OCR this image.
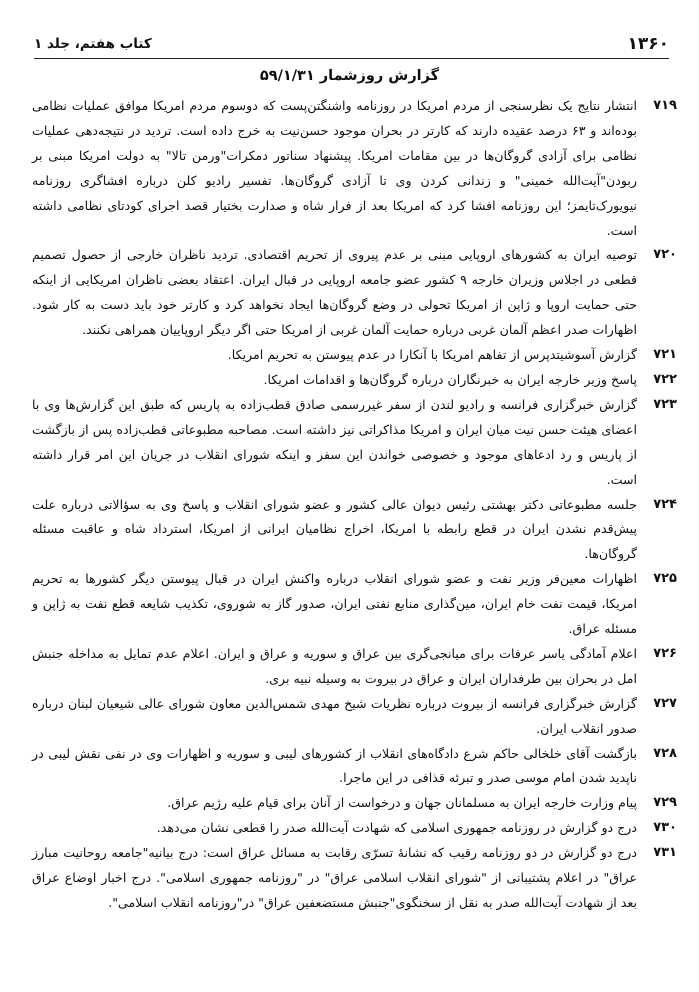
۱۳۶۰
کتاب هفتم، جلد ۱
گزارش روزشمار ۵۹/۱/۳۱
۷۱۹
انتشار نتایج یک نظرسنجی از مردم امریکا در روزنامه واشنگتن‌پست که دوسوم مردم امریکا موافق عملیات نظامی بوده‌اند و ۶۳ درصد عقیده دارند که کارتر در بحران موجود حسن‌نیت به خرج داده است. تردید در نتیجه‌دهی عملیات نظامی برای آزادی گروگان‌ها در بین مقامات امریکا. پیشنهاد سناتور دمکرات"ورمن تالا" به دولت امریکا مبنی بر ربودن"آیت‌الله خمینی" و زندانی کردن وی تا آزادی گروگان‌ها. تفسیر رادیو کلن درباره افشاگری روزنامه نیویورک‌تایمز؛ این روزنامه افشا کرد که امریکا بعد از فرار شاه و صدارت بختیار قصد اجرای کودتای نظامی داشته است.
۷۲۰
توصیه ایران به کشورهای اروپایی مبنی بر عدم پیروی از تحریم اقتصادی. تردید ناظران خارجی از حصول تصمیم قطعی در اجلاس وزیران خارجه ۹ کشور عضو جامعه اروپایی در قبال ایران. اعتقاد بعضی ناظران امریکایی از اینکه حتی حمایت اروپا و ژاپن از امریکا تحولی در وضع گروگان‌ها ایجاد نخواهد کرد و کارتر خود باید دست به کار شود. اظهارات صدر اعظم آلمان غربی درباره حمایت آلمان غربی از امریکا حتی اگر دیگر اروپاییان همراهی نکنند.
۷۲۱
گزارش آسوشیتدپرس از تفاهم امریکا با آنکارا در عدم پیوستن به تحریم امریکا.
۷۲۲
پاسخ وزیر خارجه ایران به خبرنگاران درباره گروگان‌ها و اقدامات امریکا.
۷۲۳
گزارش خبرگزاری فرانسه و رادیو لندن از سفر غیررسمی صادق قطب‌زاده به پاریس که طبق این گزارش‌ها وی با اعضای هیئت حسن نیت میان ایران و امریکا مذاکراتی نیز داشته است. مصاحبه مطبوعاتی قطب‌زاده پس از بازگشت از پاریس و رد ادعاهای موجود و خصوصی خواندن این سفر و اینکه شورای انقلاب در جریان این امر قرار داشته است.
۷۲۴
جلسه مطبوعاتی دکتر بهشتی رئیس دیوان عالی کشور و عضو شورای انقلاب و پاسخ وی به سؤالاتی درباره علت پیش‌قدم نشدن ایران در قطع رابطه با امریکا، اخراج نظامیان ایرانی از امریکا، استرداد شاه و عاقبت مسئله گروگان‌ها.
۷۲۵
اظهارات معین‌فر وزیر نفت و عضو شورای انقلاب درباره واکنش ایران در قبال پیوستن دیگر کشورها به تحریم امریکا، قیمت نفت خام ایران، مین‌گذاری منابع نفتی ایران، صدور گاز به شوروی، تکذیب شایعه قطع نفت به ژاپن و مسئله عراق.
۷۲۶
اعلام آمادگی یاسر عرفات برای میانجی‌گری بین عراق و سوریه و عراق و ایران. اعلام عدم تمایل به مداخله جنبش امل در بحران بین طرفداران ایران و عراق در بیروت به وسیله نبیه بری.
۷۲۷
گزارش خبرگزاری فرانسه از بیروت درباره نظریات شیخ مهدی شمس‌الدین معاون شورای عالی شیعیان لبنان درباره صدور انقلاب ایران.
۷۲۸
بازگشت آقای خلخالی حاکم شرع دادگاه‌های انقلاب از کشورهای لیبی و سوریه و اظهارات وی در نفی نقش لیبی در ناپدید شدن امام موسی صدر و تبرئه قذافی در این ماجرا.
۷۲۹
پیام وزارت خارجه ایران به مسلمانان جهان و درخواست از آنان برای قیام علیه رژیم عراق.
۷۳۰
درج دو گزارش در روزنامه جمهوری اسلامی که شهادت آیت‌الله صدر را قطعی نشان می‌دهد.
۷۳۱
درج دو گزارش در دو روزنامه رقیب که نشانهٔ تسرّی رقابت به مسائل عراق است: درج بیانیه"جامعه روحانیت مبارز عراق" در اعلام پشتیبانی از "شورای انقلاب اسلامی عراق" در "روزنامه جمهوری اسلامی". درج اخبار اوضاع عراق بعد از شهادت آیت‌الله صدر به نقل از سخنگوی"جنبش مستضعفین عراق" در"روزنامه انقلاب اسلامی".
